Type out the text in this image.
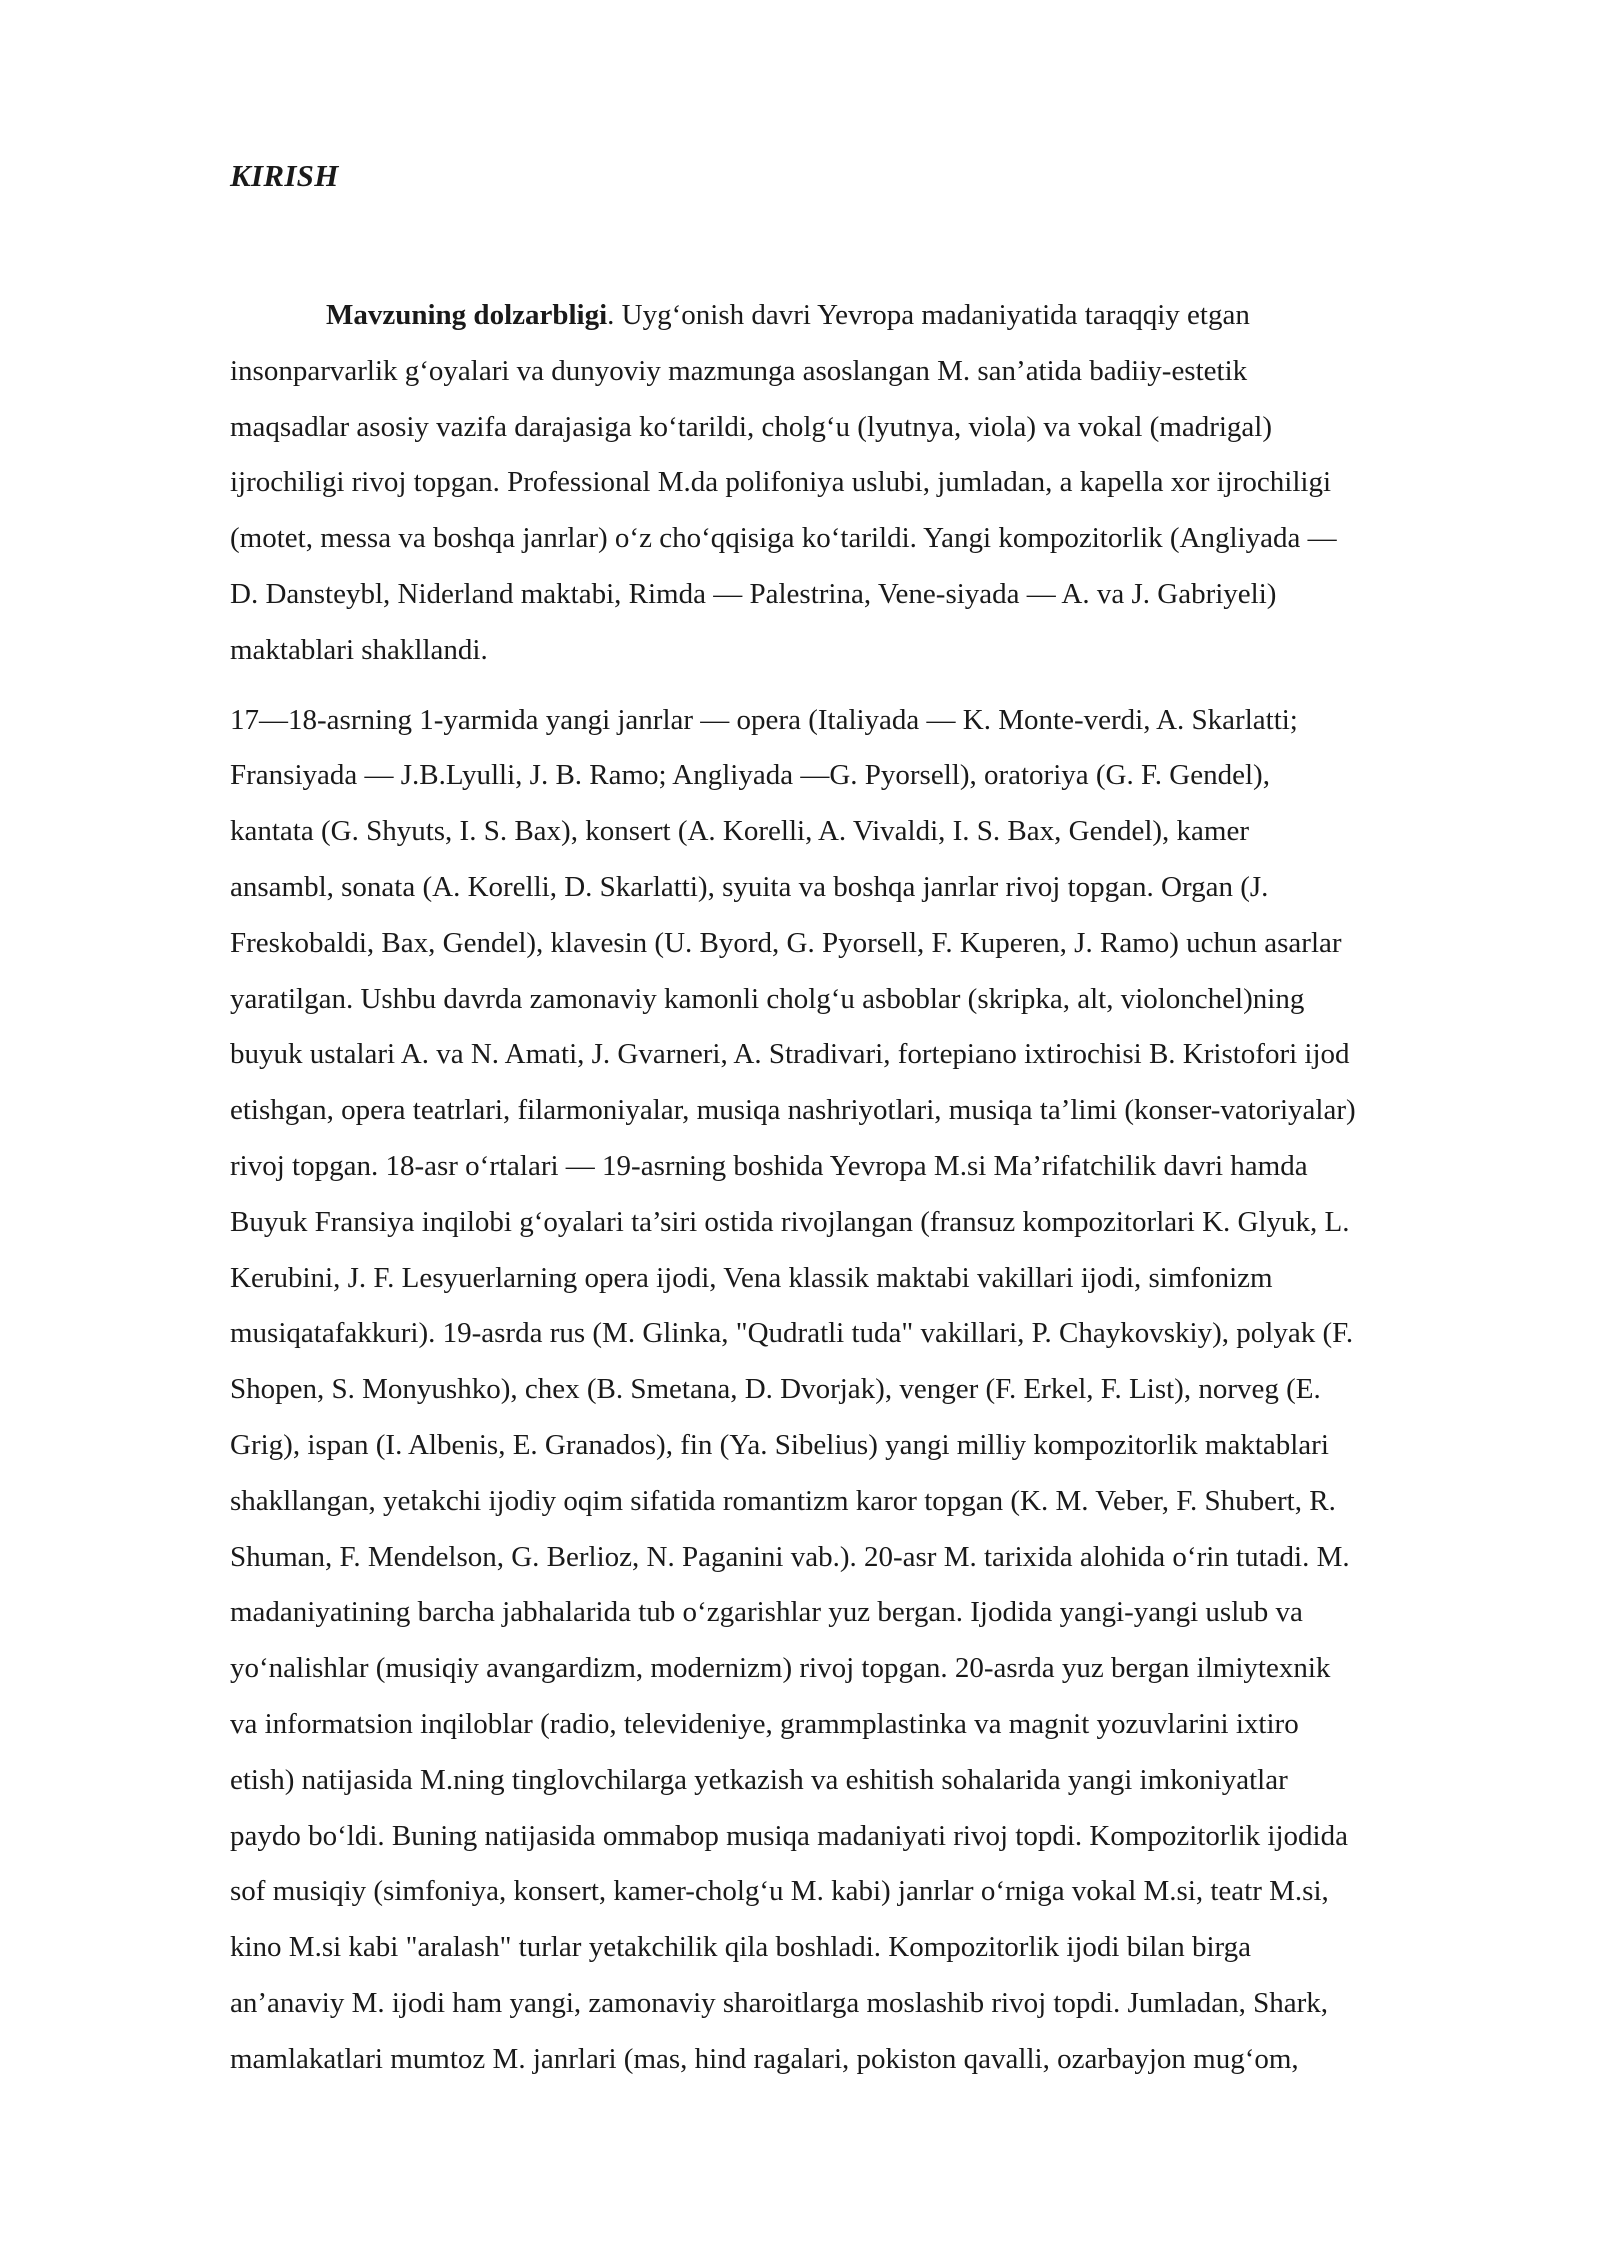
KIRISH
Mavzuning dolzarbligi. Uyg‘onish davri Yevropa madaniyatida taraqqiy etgan
insonparvarlik g‘oyalari va dunyoviy mazmunga asoslangan M. san’atida badiiy-estetik
maqsadlar asosiy vazifa darajasiga ko‘tarildi, cholg‘u (lyutnya, viola) va vokal (madrigal)
ijrochiligi rivoj topgan. Professional M.da polifoniya uslubi, jumladan, a kapella xor ijrochiligi
(motet, messa va boshqa janrlar) o‘z cho‘qqisiga ko‘tarildi. Yangi kompozitorlik (Angliyada —
D. Dansteybl, Niderland maktabi, Rimda — Palestrina, Vene-siyada — A. va J. Gabriyeli)
maktablari shakllandi.
17—18-asrning 1-yarmida yangi janrlar — opera (Italiyada — K. Monte-verdi, A. Skarlatti;
Fransiyada — J.B.Lyulli, J. B. Ramo; Angliyada —G. Pyorsell), oratoriya (G. F. Gendel),
kantata (G. Shyuts, I. S. Bax), konsert (A. Korelli, A. Vivaldi, I. S. Bax, Gendel), kamer
ansambl, sonata (A. Korelli, D. Skarlatti), syuita va boshqa janrlar rivoj topgan. Organ (J.
Freskobaldi, Bax, Gendel), klavesin (U. Byord, G. Pyorsell, F. Kuperen, J. Ramo) uchun asarlar
yaratilgan. Ushbu davrda zamonaviy kamonli cholg‘u asboblar (skripka, alt, violonchel)ning
buyuk ustalari A. va N. Amati, J. Gvarneri, A. Stradivari, fortepiano ixtirochisi B. Kristofori ijod
etishgan, opera teatrlari, filarmoniyalar, musiqa nashriyotlari, musiqa ta’limi (konser-vatoriyalar)
rivoj topgan. 18-asr o‘rtalari — 19-asrning boshida Yevropa M.si Ma’rifatchilik davri hamda
Buyuk Fransiya inqilobi g‘oyalari ta’siri ostida rivojlangan (fransuz kompozitorlari K. Glyuk, L.
Kerubini, J. F. Lesyuerlarning opera ijodi, Vena klassik maktabi vakillari ijodi, simfonizm
musiqatafakkuri). 19-asrda rus (M. Glinka, "Qudratli tuda" vakillari, P. Chaykovskiy), polyak (F.
Shopen, S. Monyushko), chex (B. Smetana, D. Dvorjak), venger (F. Erkel, F. List), norveg (E.
Grig), ispan (I. Albenis, E. Granados), fin (Ya. Sibelius) yangi milliy kompozitorlik maktablari
shakllangan, yetakchi ijodiy oqim sifatida romantizm karor topgan (K. M. Veber, F. Shubert, R.
Shuman, F. Mendelson, G. Berlioz, N. Paganini vab.). 20-asr M. tarixida alohida o‘rin tutadi. M.
madaniyatining barcha jabhalarida tub o‘zgarishlar yuz bergan. Ijodida yangi-yangi uslub va
yo‘nalishlar (musiqiy avangardizm, modernizm) rivoj topgan. 20-asrda yuz bergan ilmiytexnik
va informatsion inqiloblar (radio, televideniye, grammplastinka va magnit yozuvlarini ixtiro
etish) natijasida M.ning tinglovchilarga yetkazish va eshitish sohalarida yangi imkoniyatlar
paydo bo‘ldi. Buning natijasida ommabop musiqa madaniyati rivoj topdi. Kompozitorlik ijodida
sof musiqiy (simfoniya, konsert, kamer-cholg‘u M. kabi) janrlar o‘rniga vokal M.si, teatr M.si,
kino M.si kabi "aralash" turlar yetakchilik qila boshladi. Kompozitorlik ijodi bilan birga
an’anaviy M. ijodi ham yangi, zamonaviy sharoitlarga moslashib rivoj topdi. Jumladan, Shark,
mamlakatlari mumtoz M. janrlari (mas, hind ragalari, pokiston qavalli, ozarbayjon mug‘om,
